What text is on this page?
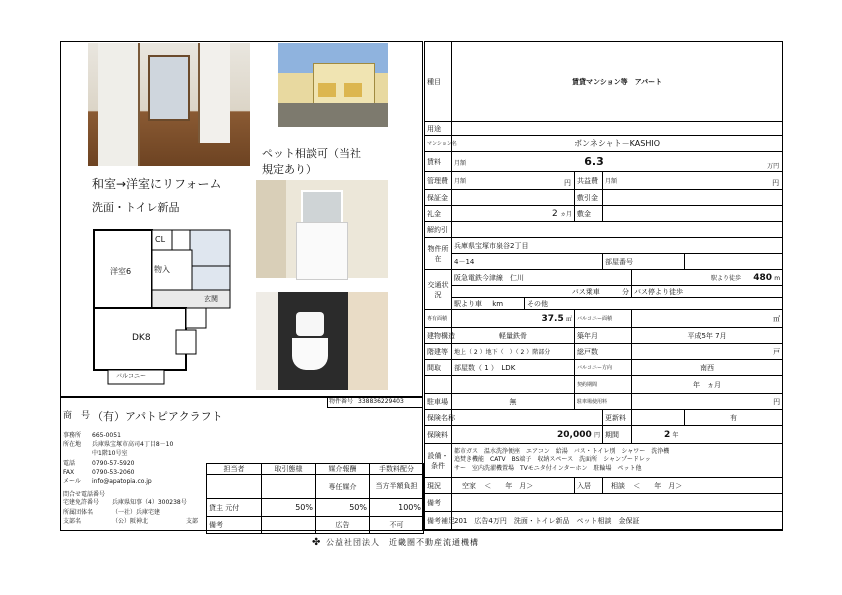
ペット相談可（当社
規定あり）
和室→洋室にリフォーム
洗面・トイレ新品
洋室6
CL
物入
玄関
DK8
バルコニー
物件番号 338836229403
商　号 （有）アパトピアクラフト
事務所 665-0051
所在地 兵庫県宝塚市高司4丁目8－10
中1階10号室
電話	0790-57-5920
FAX	0790-53-2060
メール info@apatopia.co.jp
問合せ電話番号
宅建免許番号 兵庫県知事（4）300238号
所属団体名	（一社）兵庫宅建
支部名	（公）阪神北	支部
担当者	取引態様	媒介報酬	手数料配分
		専任媒介	当方半額負担
貸主 元付	50%	50%	100%
備考		広告	不可
種目	賃貸マンション等　アパート					
用途						
マンション名	ボンネシャト－KASHIO					
賃料	月額 6.3 万円					

管理費	月額 円		共益費	月額 円		

保証金			敷引金			
礼金	2 ヵ月		敷金			
解約引						
物件所在	兵庫県宝塚市泉谷2丁目					
	4－14			部屋番号		
交通状況	阪急電鉄今津線　仁川				駅より徒歩 480 m	
	バス乗車 分				バス停より徒歩	
	駅より車 km	その他				
専有面積	37.5 ㎡		バルコニー面積		㎡	
建物構造	軽量鉄骨		築年月		平成5年 7月	
階建等	地上（ 2 ）地下（　）（ 2 ）階部分		総戸数		戸	
間取	部屋数（ 1 ）　LDK		バルコニー方向		南西	
			契約期間		年　ヵ月	
駐車場	無		駐車場使用料		円	
保険名称				更新料		有
保険料	20,000 円			期間	2 年	
設備・条件	都市ガス　温水洗浄便座　エアコン　給湯　バス・トイレ別　シャワー　洗浄機
追焚き機能　CATV　BS端子　収納スペース　洗面所　シャンプードレッ
サー　室内洗濯機置場　TVモニタ付インターホン　駐輪場　ペット他					

現況	空家 ＜　　年　月＞		入居	相談 ＜　　年　月＞		
備考						
備考補足	201　広告4万円　洗面・トイレ新品　ペット相談　金保証					

✤ 公益社団法人　近畿圏不動産流通機構
